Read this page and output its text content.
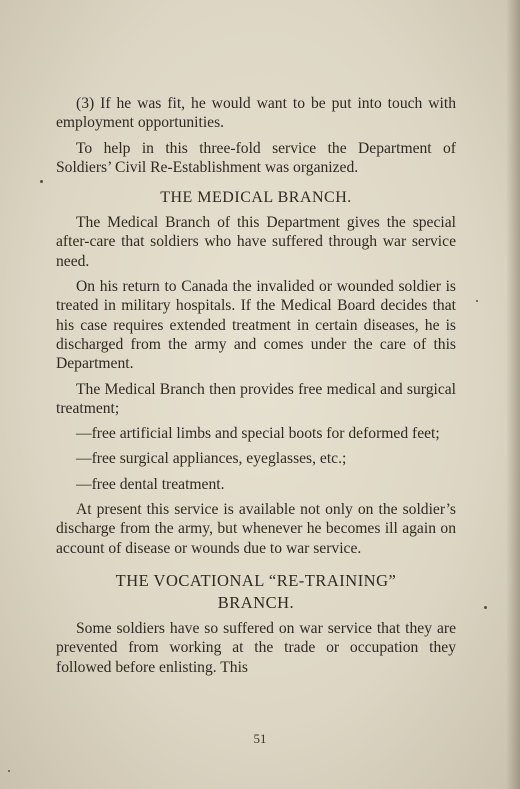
(3) If he was fit, he would want to be put into touch with employment opportunities.

To help in this three-fold service the Department of Soldiers’ Civil Re-Establishment was organized.

THE MEDICAL BRANCH.

The Medical Branch of this Department gives the special after-care that soldiers who have suffered through war service need.

On his return to Canada the invalided or wounded soldier is treated in military hospitals. If the Medical Board decides that his case requires extended treatment in certain diseases, he is discharged from the army and comes under the care of this Department.

The Medical Branch then provides free medical and surgical treatment;

—free artificial limbs and special boots for deformed feet;

—free surgical appliances, eyeglasses, etc.;

—free dental treatment.

At present this service is available not only on the soldier’s discharge from the army, but whenever he becomes ill again on account of disease or wounds due to war service.

THE VOCATIONAL “RE-TRAINING”
BRANCH.

Some soldiers have so suffered on war service that they are prevented from working at the trade or occupation they followed before enlisting. This

51
